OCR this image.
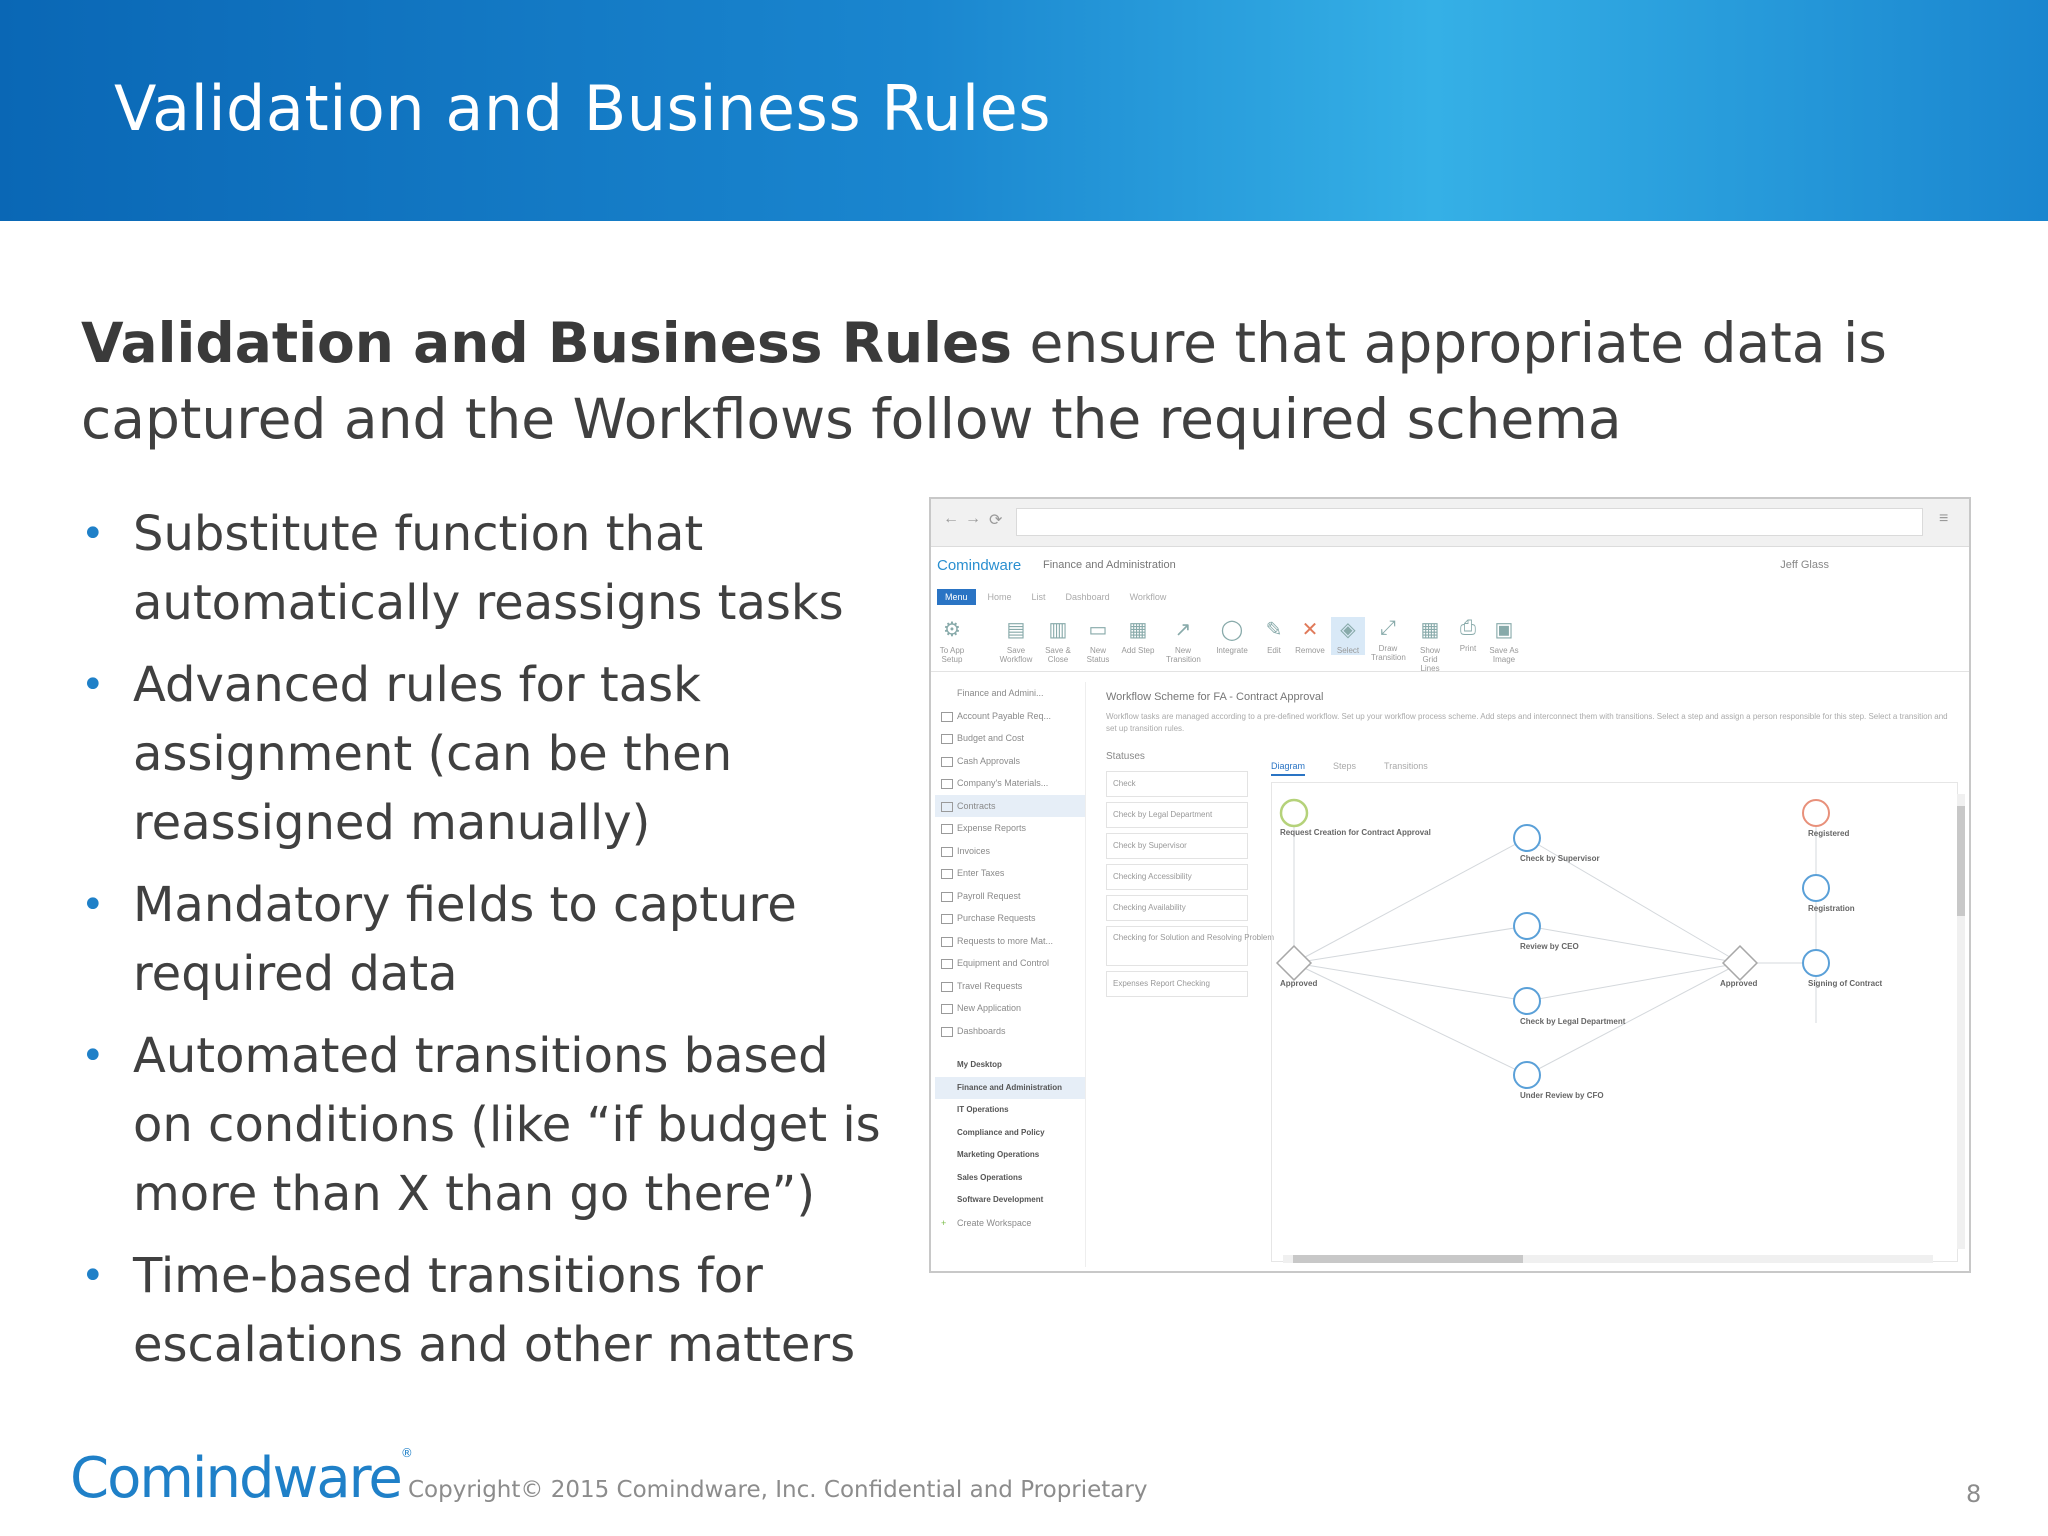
Validation and Business Rules
Validation and Business Rules ensure that appropriate data is captured and the Workflows follow the required schema
• Substitute function that automatically reassigns tasks
• Advanced rules for task assignment (can be then reassigned manually)
• Mandatory fields to capture required data
• Automated transitions based on conditions (like “if budget is more than X than go there”)
• Time-based transitions for escalations and other matters
← → ⟳	≡
Comindware Finance and Administration	Jeff Glass
Menu Home List Dashboard Workflow
⚙
To App Setup
▤
Save Workflow
▥
Save & Close
▭
New Status
▦
Add Step
↗
New Transition
◯
Integrate
✎
Edit
✕
Remove
◈
Select
⤢
Draw Transition
▦
Show Grid Lines
⎙
Print
▣
Save As Image
Finance and Admini...
Account Payable Req...
Budget and Cost
Cash Approvals
Company's Materials...
Contracts
Expense Reports
Invoices
Enter Taxes
Payroll Request
Purchase Requests
Requests to more Mat...
Equipment and Control
Travel Requests
New Application
Dashboards
My Desktop
Finance and Administration
IT Operations
Compliance and Policy
Marketing Operations
Sales Operations
Software Development
+ Create Workspace
Workflow Scheme for FA - Contract Approval
Workflow tasks are managed according to a pre-defined workflow. Set up your workflow process scheme. Add steps and interconnect them with transitions. Select a step and assign a person responsible for this step. Select a transition and set up transition rules.
Statuses
Check
Check by Legal Department
Check by Supervisor
Checking Accessibility
Checking Availability
Checking for Solution and Resolving Problem
Expenses Report Checking
Diagram	Steps	Transitions
Request Creation for Contract Approval
Check by Supervisor
Review by CEO
Check by Legal Department
Under Review by CFO
Approved	Approved
Registered
Registration
Signing of Contract
Comindware®
Copyright© 2015 Comindware, Inc. Confidential and Proprietary	8
